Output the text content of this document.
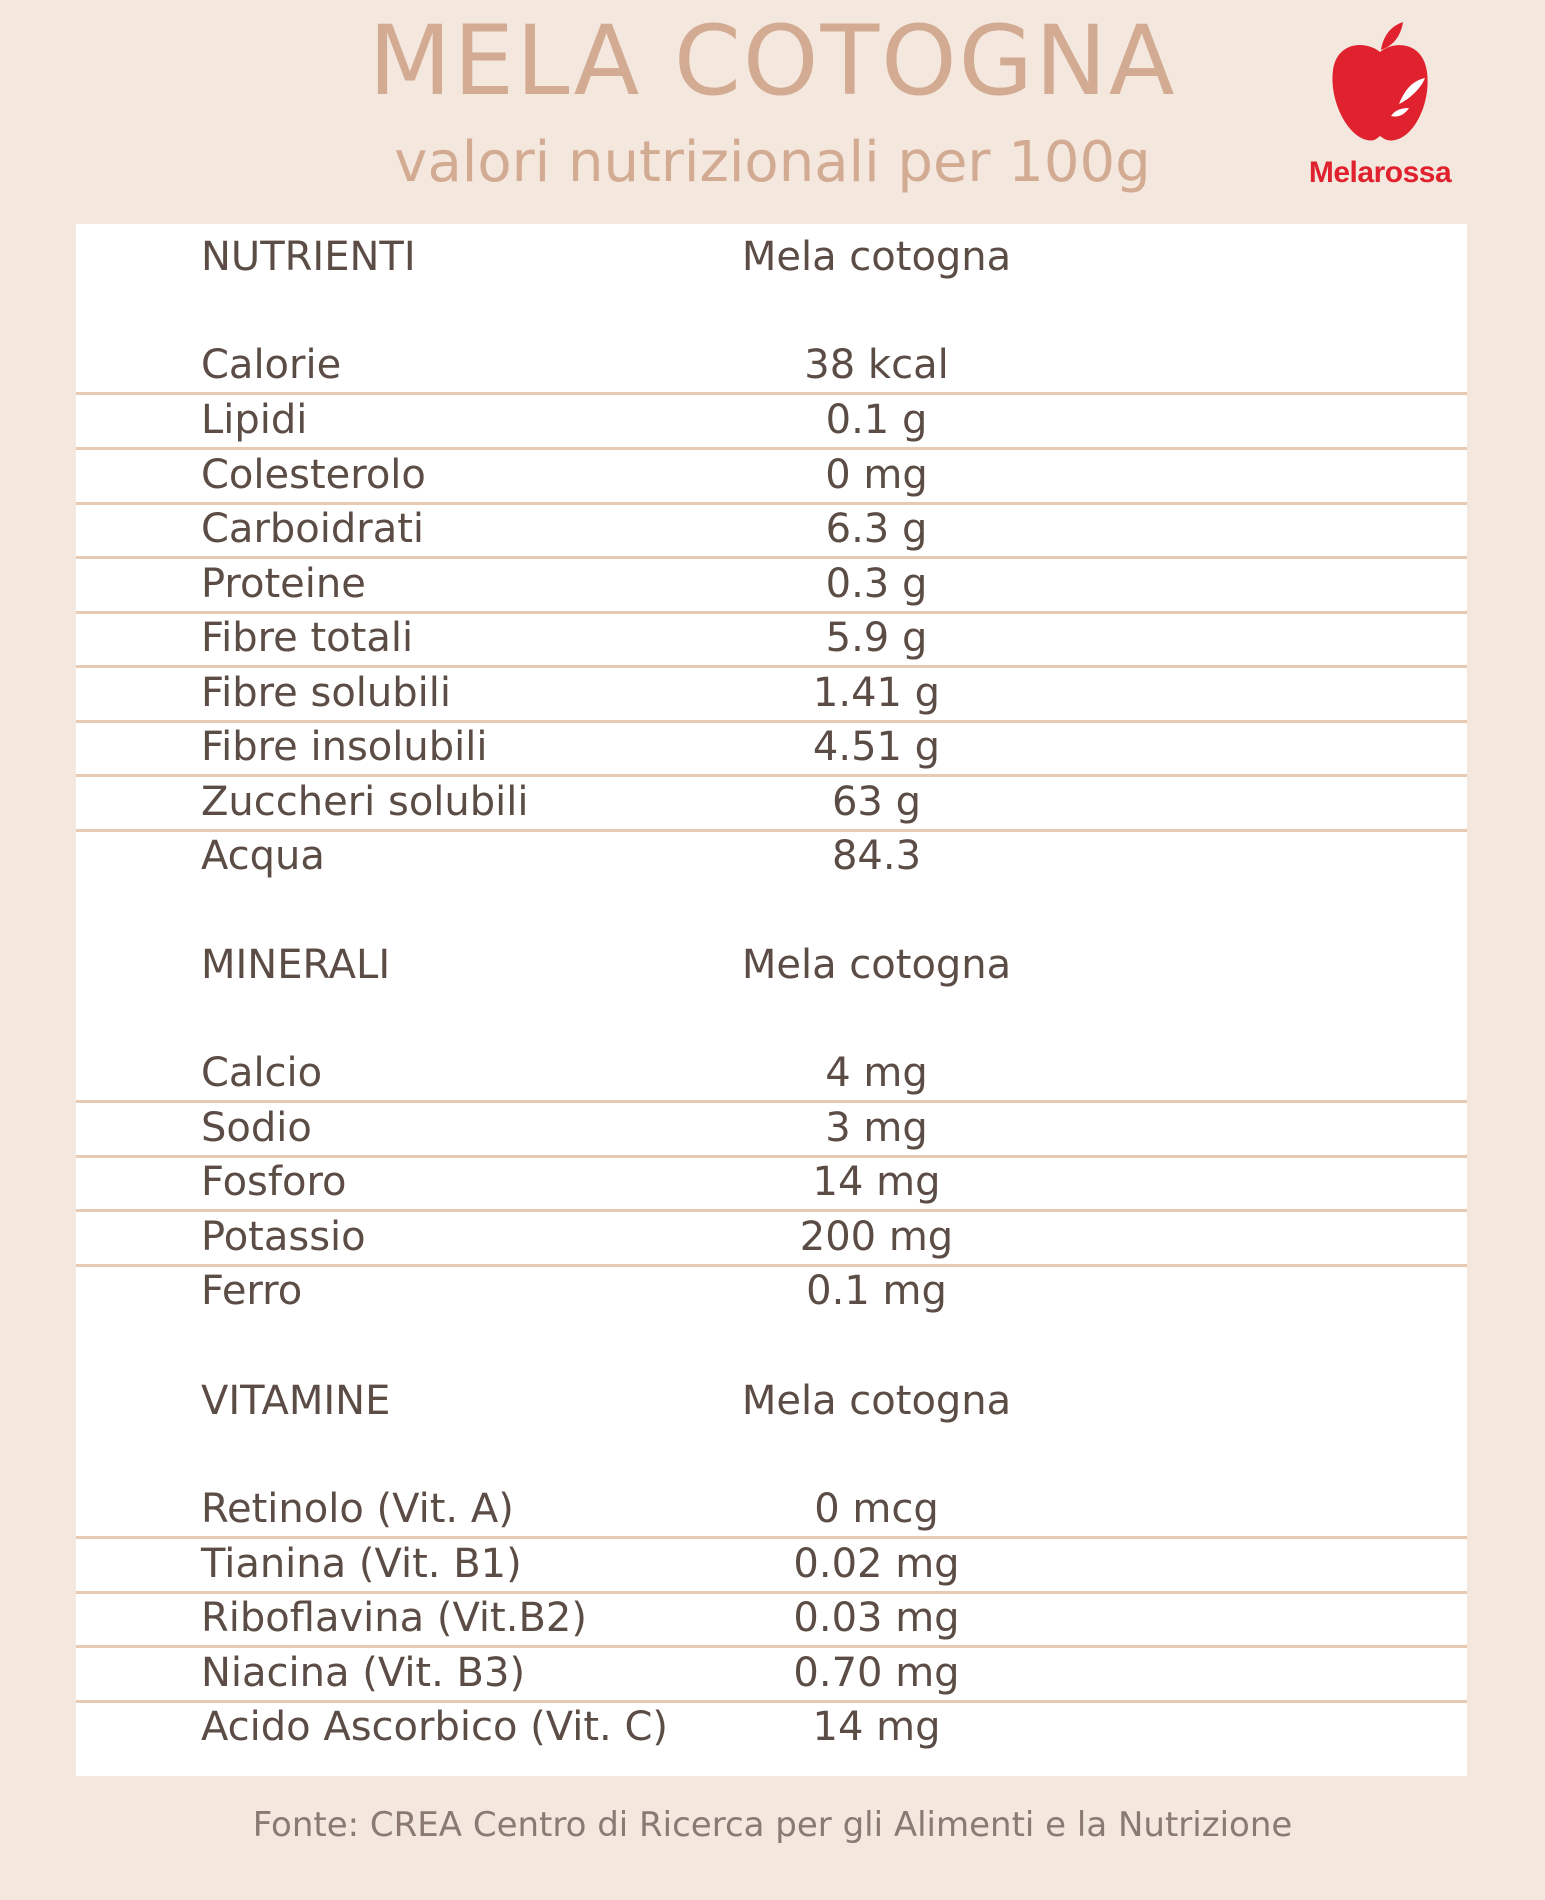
MELA COTOGNA
valori nutrizionali per 100g	Melarossa
NUTRIENTI	Mela cotogna
Calorie	38 kcal
Lipidi	0.1 g
Colesterolo	0 mg
Carboidrati	6.3 g
Proteine	0.3 g
Fibre totali	5.9 g
Fibre solubili	1.41 g
Fibre insolubili	4.51 g
Zuccheri solubili	63 g
Acqua	84.3
MINERALI	Mela cotogna
Calcio	4 mg
Sodio	3 mg
Fosforo	14 mg
Potassio	200 mg
Ferro	0.1 mg
VITAMINE	Mela cotogna
Retinolo (Vit. A)	0 mcg
Tianina (Vit. B1)	0.02 mg
Riboflavina (Vit.B2)	0.03 mg
Niacina (Vit. B3)	0.70 mg
Acido Ascorbico (Vit. C)	14 mg
Fonte: CREA Centro di Ricerca per gli Alimenti e la Nutrizione
